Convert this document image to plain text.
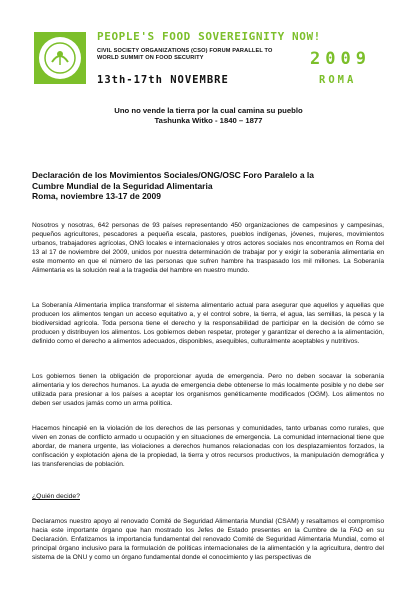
PEOPLE'S FOOD SOVEREIGNITY NOW!
CIVIL SOCIETY ORGANIZATIONS (CSO) FORUM PARALLEL TO
WORLD SUMMIT ON FOOD SECURITY	2009
13th-17th NOVEMBRE	ROMA
Uno no vende la tierra por la cual camina su pueblo
Tashunka Witko - 1840 – 1877
Declaración de los Movimientos Sociales/ONG/OSC Foro Paralelo a la
Cumbre Mundial de la Seguridad Alimentaria
Roma, noviembre 13-17 de 2009
Nosotros y nosotras, 642 personas de 93 países representando 450 organizaciones de campesinos y campesinas, pequeños agricultores, pescadores a pequeña escala, pastores, pueblos indígenas, jóvenes, mujeres, movimientos urbanos, trabajadores agrícolas, ONG locales e internacionales y otros actores sociales nos encontramos en Roma del 13 al 17 de noviembre del 2009, unidos por nuestra determinación de trabajar por y exigir la soberanía alimentaria en este momento en que el número de las personas que sufren hambre ha traspasado los mil millones. La Soberanía Alimentaria es la solución real a la tragedia del hambre en nuestro mundo.
La Soberanía Alimentaria implica transformar el sistema alimentario actual para asegurar que aquellos y aquellas que producen los alimentos tengan un acceso equitativo a, y el control sobre, la tierra, el agua, las semillas, la pesca y la biodiversidad agrícola. Toda persona tiene el derecho y la responsabilidad de participar en la decisión de cómo se producen y distribuyen los alimentos. Los gobiernos deben respetar, proteger y garantizar el derecho a la alimentación, definido como el derecho a alimentos adecuados, disponibles, asequibles, culturalmente aceptables y nutritivos.
Los gobiernos tienen la obligación de proporcionar ayuda de emergencia. Pero no deben socavar la soberanía alimentaria y los derechos humanos. La ayuda de emergencia debe obtenerse lo más localmente posible y no debe ser utilizada para presionar a los países a aceptar los organismos genéticamente modificados (OGM). Los alimentos no deben ser usados jamás como un arma política.
Hacemos hincapié en la violación de los derechos de las personas y comunidades, tanto urbanas como rurales, que viven en zonas de conflicto armado u ocupación y en situaciones de emergencia. La comunidad internacional tiene que abordar, de manera urgente, las violaciones a derechos humanos relacionadas con los desplazamientos forzados, la confiscación y explotación ajena de la propiedad, la tierra y otros recursos productivos, la manipulación demográfica y las transferencias de población.
¿Quién decide?
Declaramos nuestro apoyo al renovado Comité de Seguridad Alimentaria Mundial (CSAM) y resaltamos el compromiso hacia este importante órgano que han mostrado los Jefes de Estado presentes en la Cumbre de la FAO en su Declaración. Enfatizamos la importancia fundamental del renovado Comité de Seguridad Alimentaria Mundial, como el principal órgano inclusivo para la formulación de políticas internacionales de la alimentación y la agricultura, dentro del sistema de la ONU y como un órgano fundamental donde el conocimiento y las perspectivas de
